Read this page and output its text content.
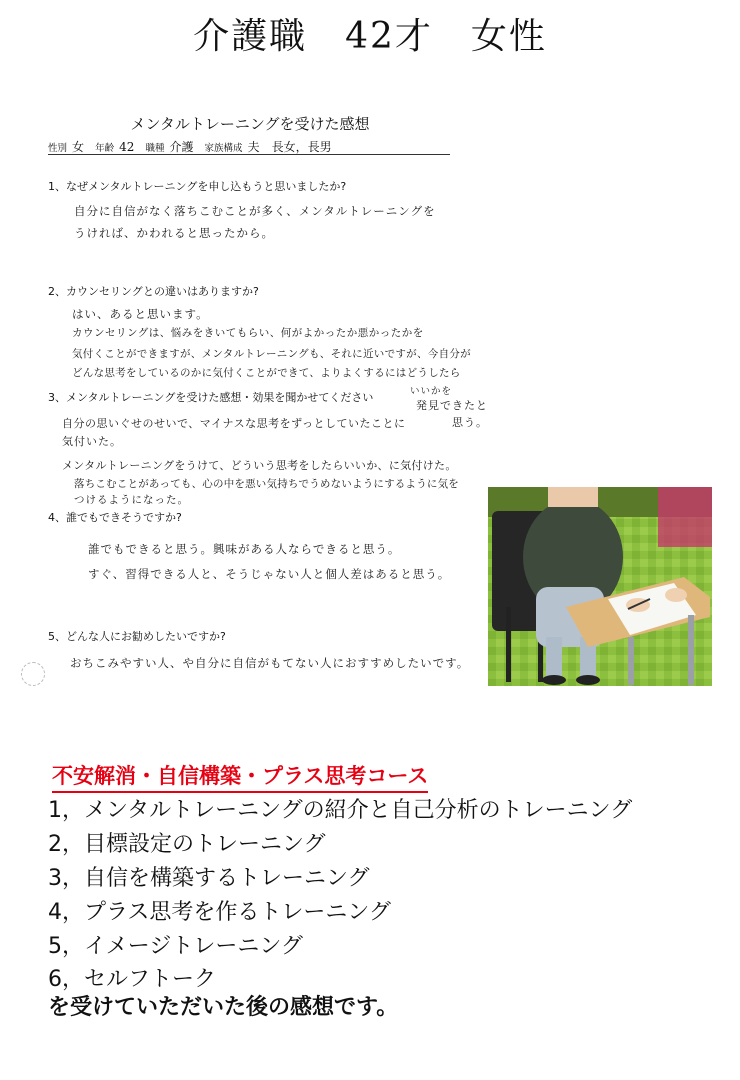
介護職　42才　女性
メンタルトレーニングを受けた感想
性別 女 年齢 42 職種 介護 家族構成 夫　長女，長男
1、なぜメンタルトレーニングを申し込もうと思いましたか?
自分に自信がなく落ちこむことが多く、メンタルトレーニングを
うければ、かわれると思ったから。
2、カウンセリングとの違いはありますか?
はい、あると思います。
カウンセリングは、悩みをきいてもらい、何がよかったか悪かったかを
気付くことができますが、メンタルトレーニングも、それに近いですが、今自分が
どんな思考をしているのかに気付くことができて、よりよくするにはどうしたら
3、メンタルトレーニングを受けた感想・効果を聞かせてください	いいかを
発見できたと
思う。
自分の思いぐせのせいで、マイナスな思考をずっとしていたことに
気付いた。
メンタルトレーニングをうけて、どういう思考をしたらいいか、に気付けた。
落ちこむことがあっても、心の中を悪い気持ちでうめないようにするように気を
つけるようになった。
4、誰でもできそうですか?
誰でもできると思う。興味がある人ならできると思う。
すぐ、習得できる人と、そうじゃない人と個人差はあると思う。
5、どんな人にお勧めしたいですか?
おちこみやすい人、や自分に自信がもてない人におすすめしたいです。
不安解消・自信構築・プラス思考コース
1，メンタルトレーニングの紹介と自己分析のトレーニング
2，目標設定のトレーニング
3，自信を構築するトレーニング
4，プラス思考を作るトレーニング
5，イメージトレーニング
6，セルフトーク
を受けていただいた後の感想です。
